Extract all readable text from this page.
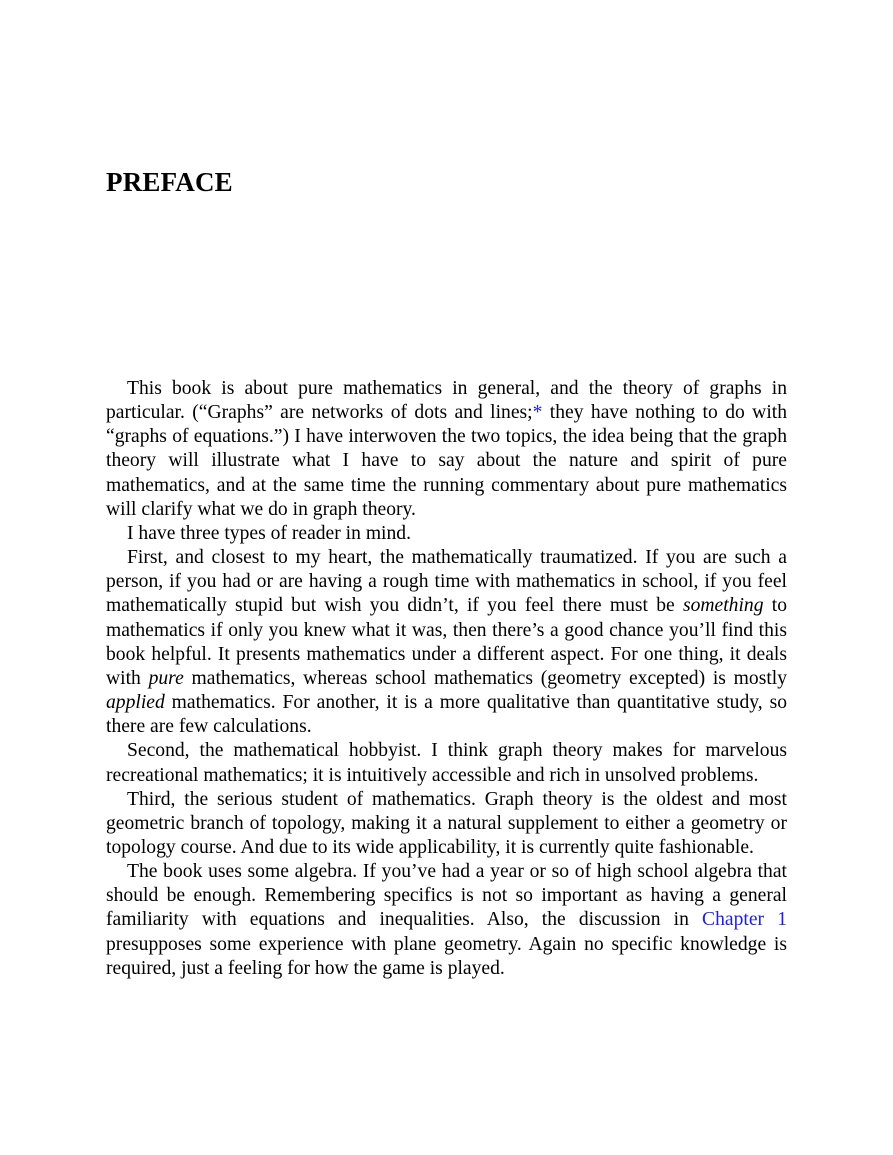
PREFACE

This book is about pure mathematics in general, and the theory of graphs in particular. (“Graphs” are networks of dots and lines;* they have nothing to do with “graphs of equations.”) I have interwoven the two topics, the idea being that the graph theory will illustrate what I have to say about the nature and spirit of pure mathematics, and at the same time the running commentary about pure mathematics will clarify what we do in graph theory.

I have three types of reader in mind.

First, and closest to my heart, the mathematically traumatized. If you are such a person, if you had or are having a rough time with mathematics in school, if you feel mathematically stupid but wish you didn’t, if you feel there must be something to mathematics if only you knew what it was, then there’s a good chance you’ll find this book helpful. It presents mathematics under a different aspect. For one thing, it deals with pure mathematics, whereas school mathematics (geometry excepted) is mostly applied mathematics. For another, it is a more qualitative than quantitative study, so there are few calculations.

Second, the mathematical hobbyist. I think graph theory makes for marvelous recreational mathematics; it is intuitively accessible and rich in unsolved problems.

Third, the serious student of mathematics. Graph theory is the oldest and most geometric branch of topology, making it a natural supplement to either a geometry or topology course. And due to its wide applicability, it is currently quite fashionable.

The book uses some algebra. If you’ve had a year or so of high school algebra that should be enough. Remembering specifics is not so important as having a general familiarity with equations and inequalities. Also, the discussion in Chapter 1 presupposes some experience with plane geometry. Again no specific knowledge is required, just a feeling for how the game is played.
